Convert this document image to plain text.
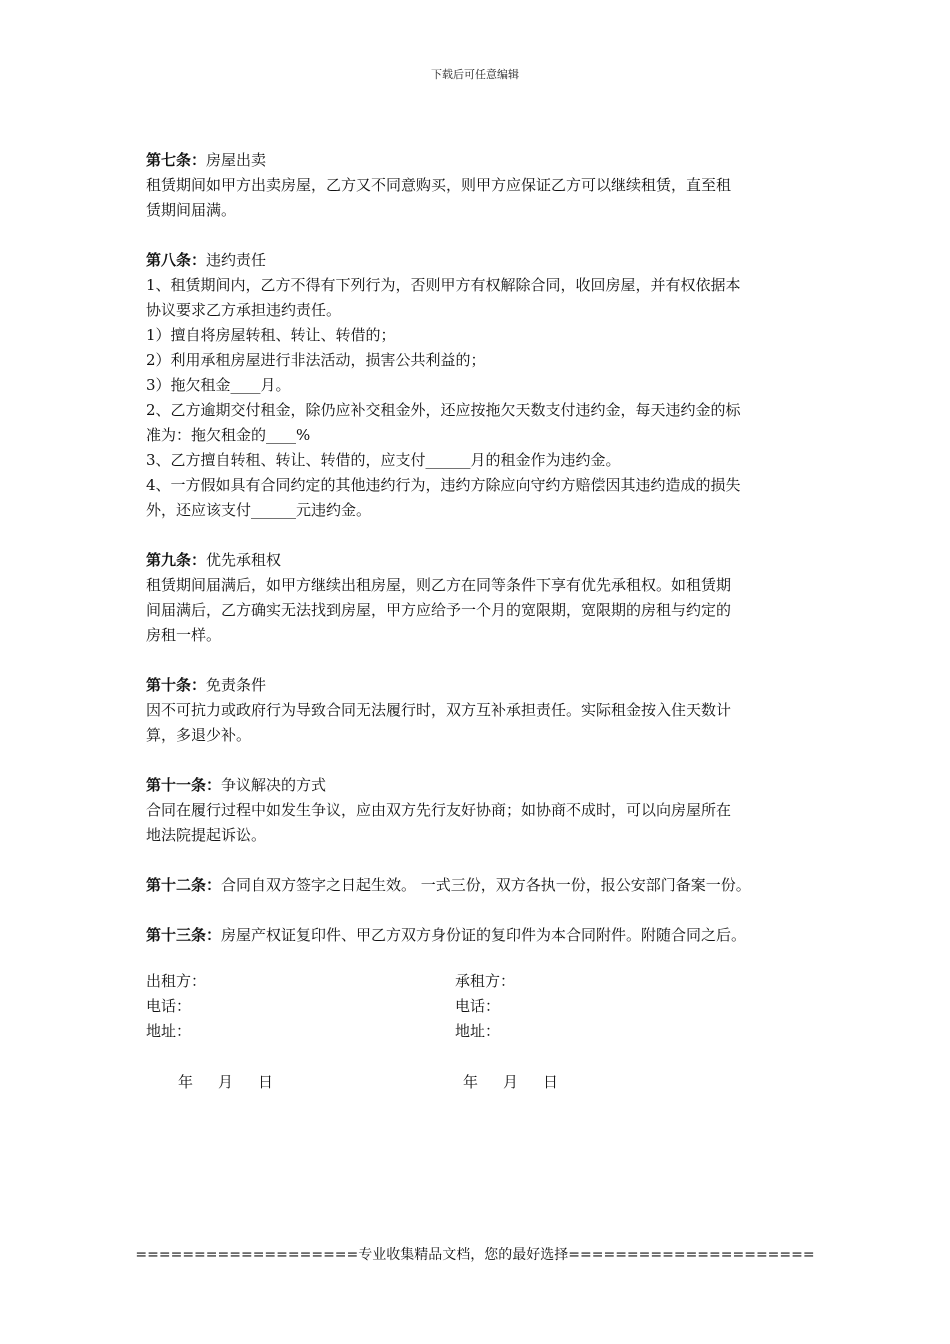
下载后可任意编辑

第七条：房屋出卖

租赁期间如甲方出卖房屋，乙方又不同意购买，则甲方应保证乙方可以继续租赁，直至租

赁期间届满。

第八条：违约责任

1、租赁期间内，乙方不得有下列行为，否则甲方有权解除合同，收回房屋，并有权依据本

协议要求乙方承担违约责任。

1）擅自将房屋转租、转让、转借的；

2）利用承租房屋进行非法活动，损害公共利益的；

3）拖欠租金____月。

2、乙方逾期交付租金，除仍应补交租金外，还应按拖欠天数支付违约金，每天违约金的标

准为：拖欠租金的____%

3、乙方擅自转租、转让、转借的，应支付______月的租金作为违约金。

4、一方假如具有合同约定的其他违约行为，违约方除应向守约方赔偿因其违约造成的损失

外，还应该支付______元违约金。

第九条：优先承租权

租赁期间届满后，如甲方继续出租房屋，则乙方在同等条件下享有优先承租权。如租赁期

间届满后，乙方确实无法找到房屋，甲方应给予一个月的宽限期，宽限期的房租与约定的

房租一样。

第十条：免责条件

因不可抗力或政府行为导致合同无法履行时，双方互补承担责任。实际租金按入住天数计

算，多退少补。

第十一条：争议解决的方式

合同在履行过程中如发生争议，应由双方先行友好协商；如协商不成时，可以向房屋所在

地法院提起诉讼。

第十二条：合同自双方签字之日起生效。 一式三份，双方各执一份，报公安部门备案一份。

第十三条：房屋产权证复印件、甲乙方双方身份证的复印件为本合同附件。附随合同之后。

出租方：	承租方：
电话：	电话：
地址：	地址：
年 月 日	年 月 日
===================专业收集精品文档，您的最好选择=====================
